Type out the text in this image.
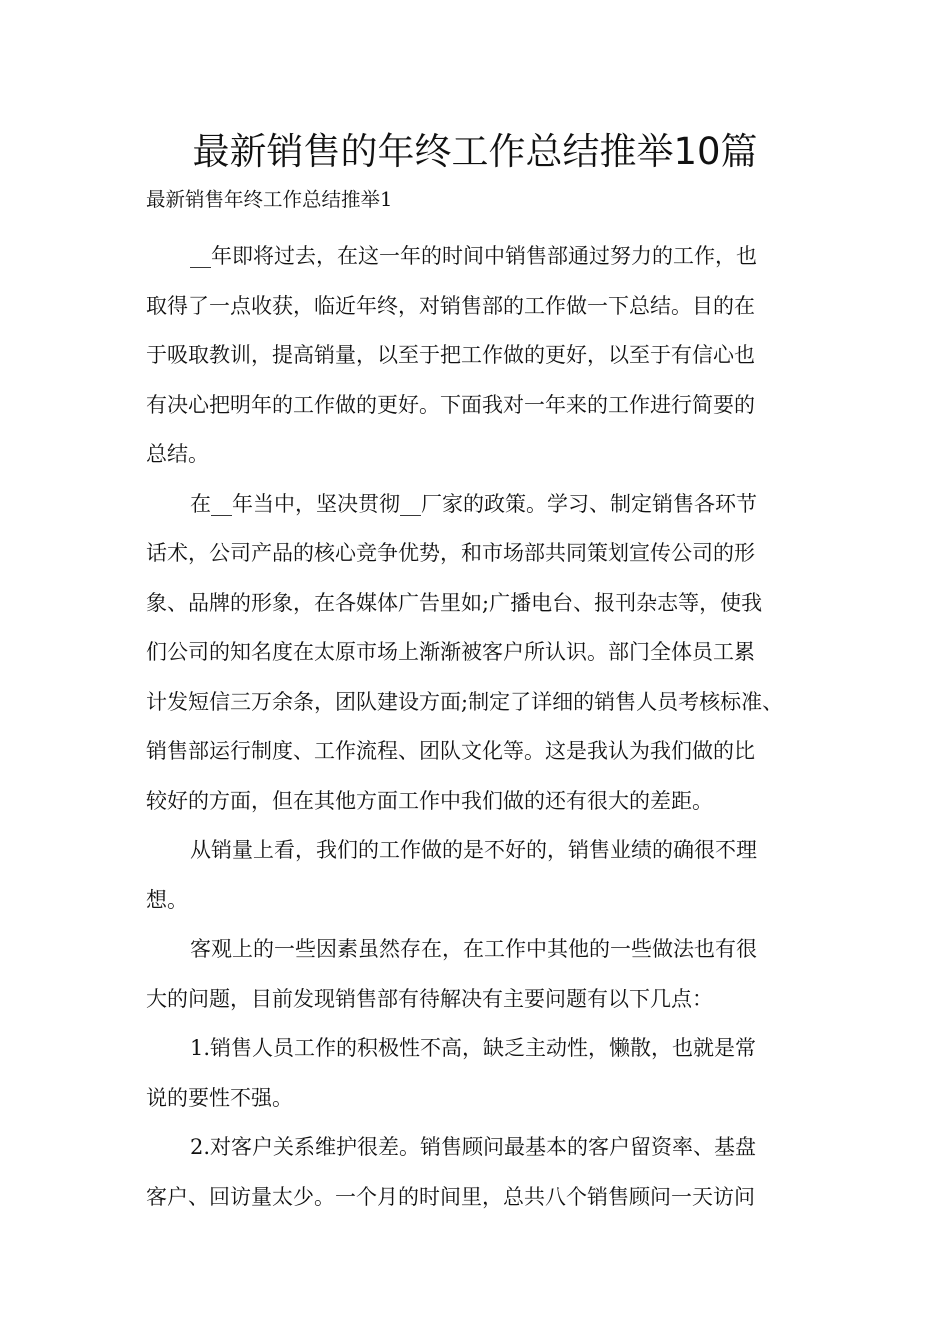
最新销售的年终工作总结推举10篇

最新销售年终工作总结推举1

__年即将过去，在这一年的时间中销售部通过努力的工作，也
取得了一点收获，临近年终，对销售部的工作做一下总结。目的在
于吸取教训，提高销量，以至于把工作做的更好，以至于有信心也
有决心把明年的工作做的更好。下面我对一年来的工作进行简要的
总结。
在__年当中，坚决贯彻__厂家的政策。学习、制定销售各环节
话术，公司产品的核心竞争优势，和市场部共同策划宣传公司的形
象、品牌的形象，在各媒体广告里如;广播电台、报刊杂志等，使我
们公司的知名度在太原市场上渐渐被客户所认识。部门全体员工累
计发短信三万余条，团队建设方面;制定了详细的销售人员考核标准、
销售部运行制度、工作流程、团队文化等。这是我认为我们做的比
较好的方面，但在其他方面工作中我们做的还有很大的差距。
从销量上看，我们的工作做的是不好的，销售业绩的确很不理
想。
客观上的一些因素虽然存在，在工作中其他的一些做法也有很
大的问题，目前发现销售部有待解决有主要问题有以下几点：
1.销售人员工作的积极性不高，缺乏主动性，懒散，也就是常
说的要性不强。
2.对客户关系维护很差。销售顾问最基本的客户留资率、基盘
客户、回访量太少。一个月的时间里，总共八个销售顾问一天访问
